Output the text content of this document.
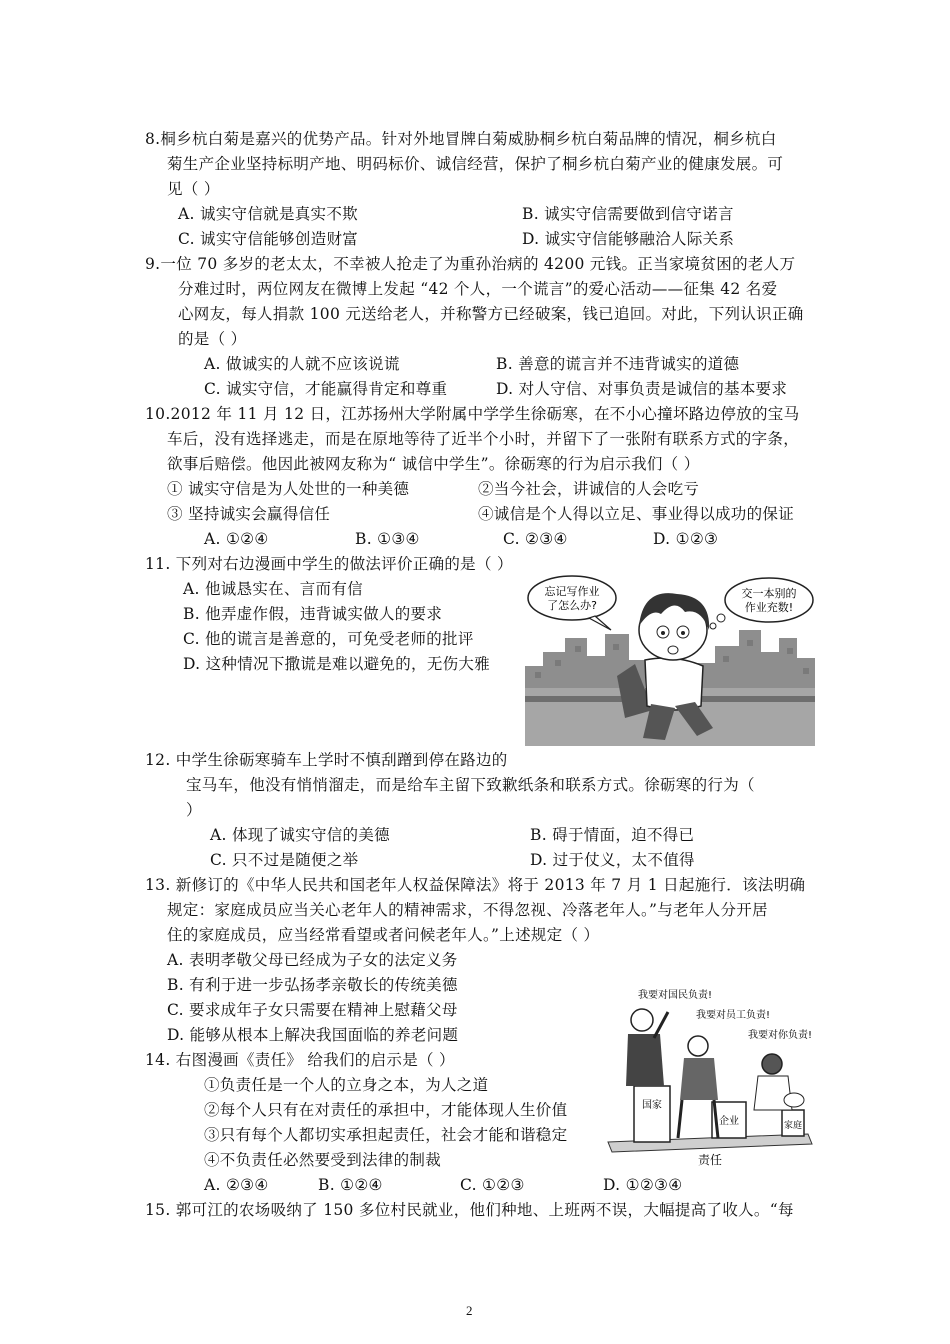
8.桐乡杭白菊是嘉兴的优势产品。针对外地冒牌白菊威胁桐乡杭白菊品牌的情况，桐乡杭白
菊生产企业坚持标明产地、明码标价、诚信经营，保护了桐乡杭白菊产业的健康发展。可
见（ ）
A. 诚实守信就是真实不欺	B. 诚实守信需要做到信守诺言
C. 诚实守信能够创造财富	D. 诚实守信能够融洽人际关系
9.一位 70 多岁的老太太，不幸被人抢走了为重孙治病的 4200 元钱。正当家境贫困的老人万
分难过时，两位网友在微博上发起 “42 个人，一个谎言”的爱心活动——征集 42 名爱
心网友，每人捐款 100 元送给老人，并称警方已经破案，钱已追回。对此，下列认识正确
的是（ ）
A. 做诚实的人就不应该说谎	B. 善意的谎言并不违背诚实的道德
C. 诚实守信，才能赢得肯定和尊重	D. 对人守信、对事负责是诚信的基本要求
10.2012 年 11 月 12 日，江苏扬州大学附属中学学生徐砺寒，在不小心撞坏路边停放的宝马
车后，没有选择逃走，而是在原地等待了近半个小时，并留下了一张附有联系方式的字条，
欲事后赔偿。他因此被网友称为“ 诚信中学生”。徐砺寒的行为启示我们（ ）
① 诚实守信是为人处世的一种美德	②当今社会，讲诚信的人会吃亏
③ 坚持诚实会赢得信任	④诚信是个人得以立足、事业得以成功的保证
A. ①②④	B. ①③④	C. ②③④	D. ①②③
11. 下列对右边漫画中学生的做法评价正确的是（ ）
A. 他诚恳实在、言而有信
B. 他弄虚作假，违背诚实做人的要求
C. 他的谎言是善意的，可免受老师的批评
D. 这种情况下撒谎是难以避免的，无伤大雅
忘记写作业
了怎么办?
交一本别的
作业充数!
12. 中学生徐砺寒骑车上学时不慎刮蹭到停在路边的
宝马车，他没有悄悄溜走，而是给车主留下致歉纸条和联系方式。徐砺寒的行为（
）
A. 体现了诚实守信的美德	B. 碍于情面，迫不得已
C. 只不过是随便之举	D. 过于仗义，太不值得
13. 新修订的《中华人民共和国老年人权益保障法》将于 2013 年 7 月 1 日起施行．该法明确
规定：家庭成员应当关心老年人的精神需求，不得忽视、冷落老年人。”与老年人分开居
住的家庭成员，应当经常看望或者问候老年人。”上述规定（ ）
A. 表明孝敬父母已经成为子女的法定义务
B. 有利于进一步弘扬孝亲敬长的传统美德
C. 要求成年子女只需要在精神上慰藉父母
D. 能够从根本上解决我国面临的养老问题
14. 右图漫画《责任》 给我们的启示是（ ）
①负责任是一个人的立身之本，为人之道
②每个人只有在对责任的承担中，才能体现人生价值
③只有每个人都切实承担起责任，社会才能和谐稳定
④不负责任必然要受到法律的制裁
A. ②③④	B. ①②④	C. ①②③	D. ①②③④
我要对国民负责!
我要对员工负责!
我要对你负责!
国家
企业	家庭
责任
15. 郭可江的农场吸纳了 150 多位村民就业，他们种地、上班两不误，大幅提高了收人。“每
2
